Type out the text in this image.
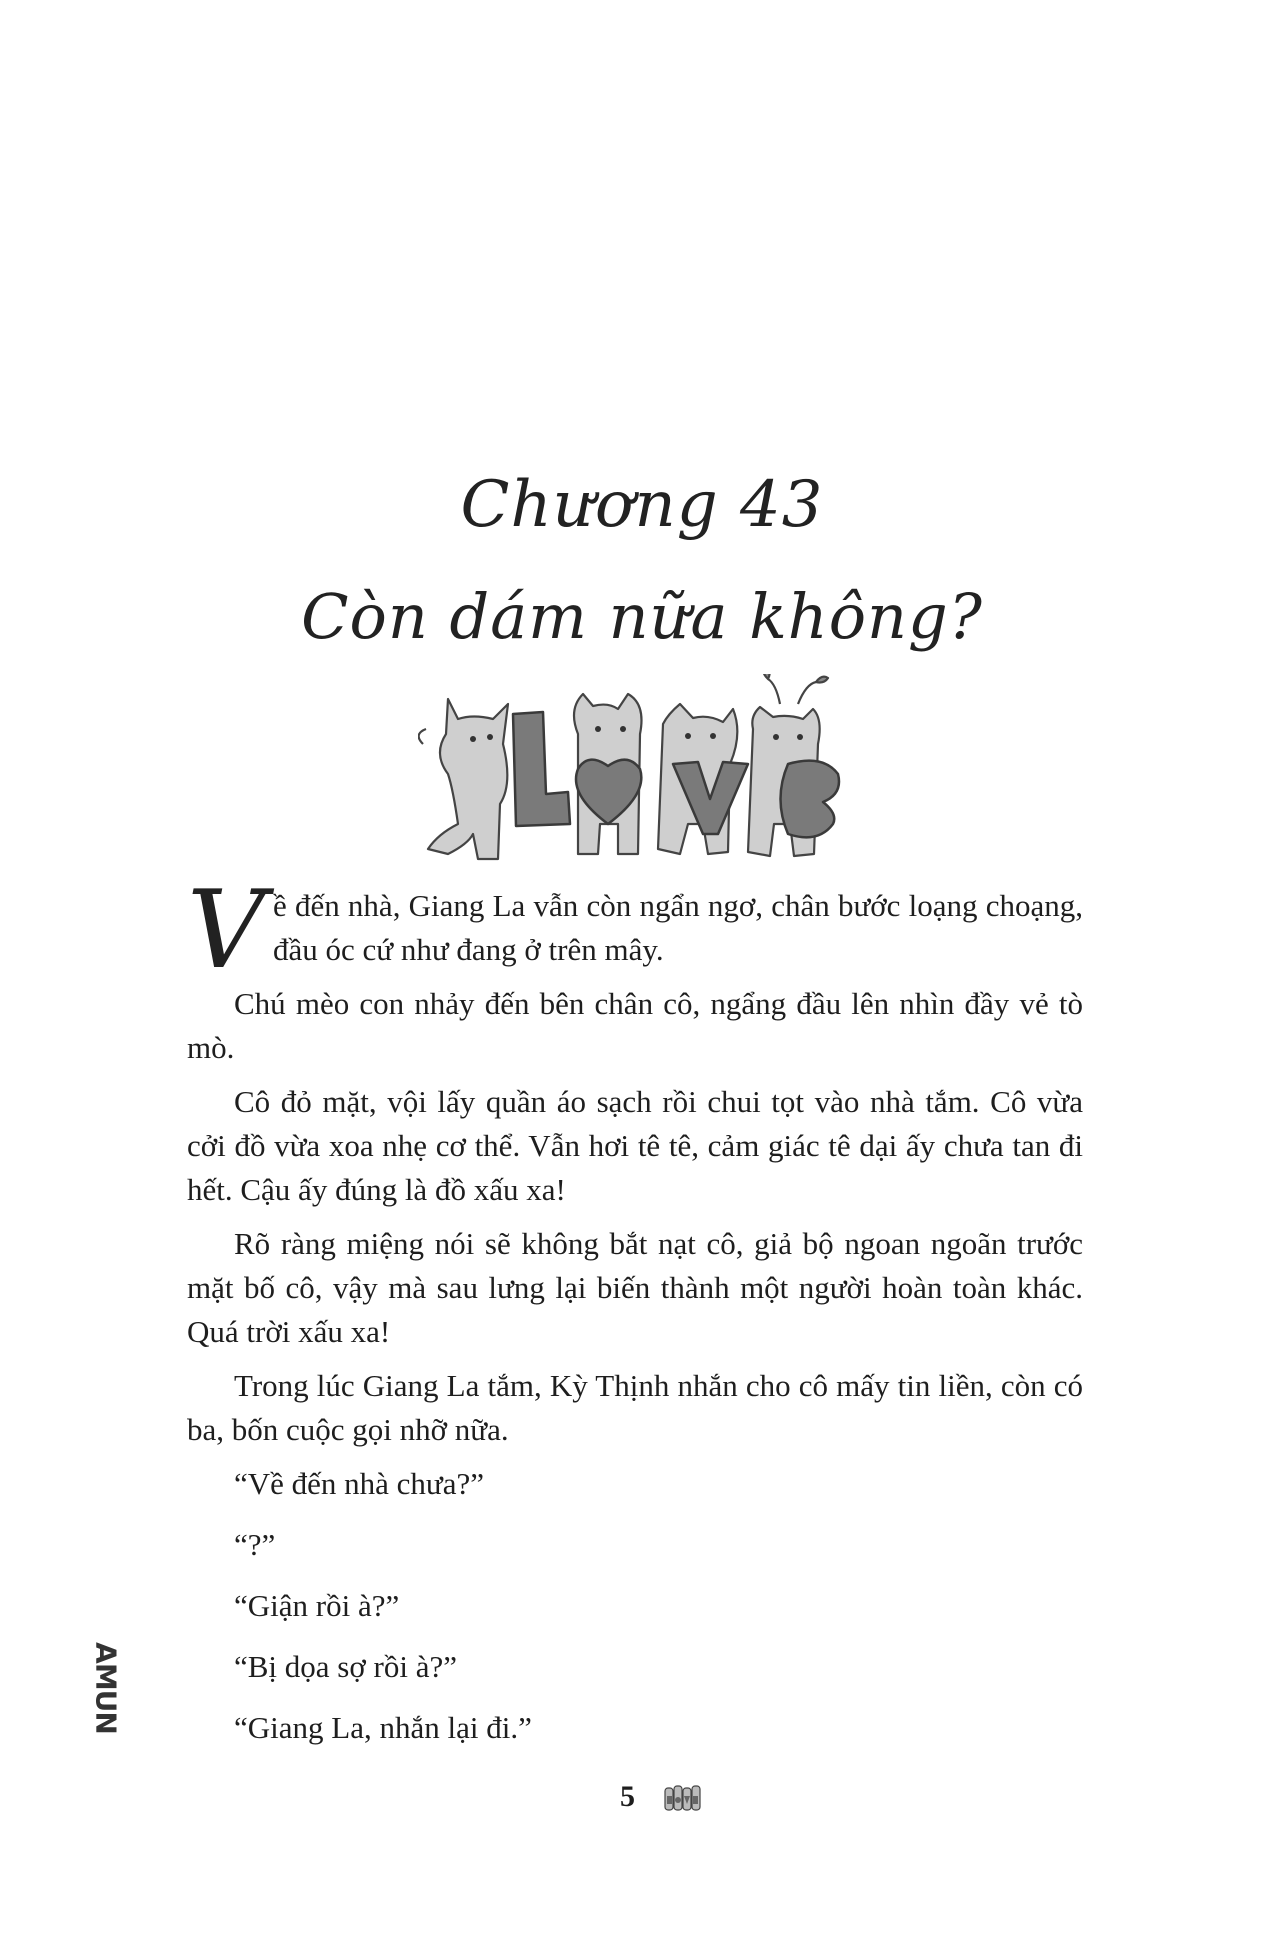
Chương 43
Còn dám nữa không?

Về đến nhà, Giang La vẫn còn ngẩn ngơ, chân bước loạng choạng, đầu óc cứ như đang ở trên mây.

Chú mèo con nhảy đến bên chân cô, ngẩng đầu lên nhìn đầy vẻ tò mò.

Cô đỏ mặt, vội lấy quần áo sạch rồi chui tọt vào nhà tắm. Cô vừa cởi đồ vừa xoa nhẹ cơ thể. Vẫn hơi tê tê, cảm giác tê dại ấy chưa tan đi hết. Cậu ấy đúng là đồ xấu xa!

Rõ ràng miệng nói sẽ không bắt nạt cô, giả bộ ngoan ngoãn trước mặt bố cô, vậy mà sau lưng lại biến thành một người hoàn toàn khác. Quá trời xấu xa!

Trong lúc Giang La tắm, Kỳ Thịnh nhắn cho cô mấy tin liền, còn có ba, bốn cuộc gọi nhỡ nữa.

“Về đến nhà chưa?”

“?”

“Giận rồi à?”

“Bị dọa sợ rồi à?”

“Giang La, nhắn lại đi.”

AMUN
5
